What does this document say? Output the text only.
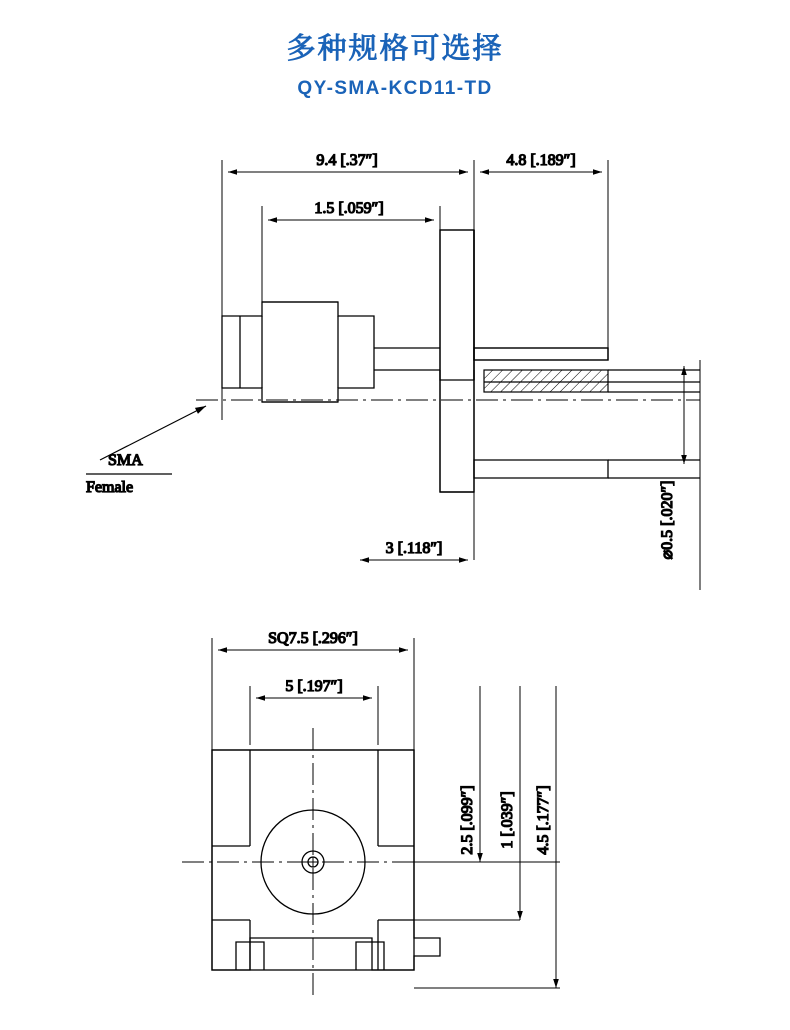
多种规格可选择
QY-SMA-KCD11-TD
9.4 [.37″]	4.8 [.189″]
1.5 [.059″]
⌀0.5 [.020″]
3 [.118″]
SMA
Female
SQ7.5 [.296″]
5 [.197″]
2.5 [.099″] 1 [.039″] 4.5 [.177″]
